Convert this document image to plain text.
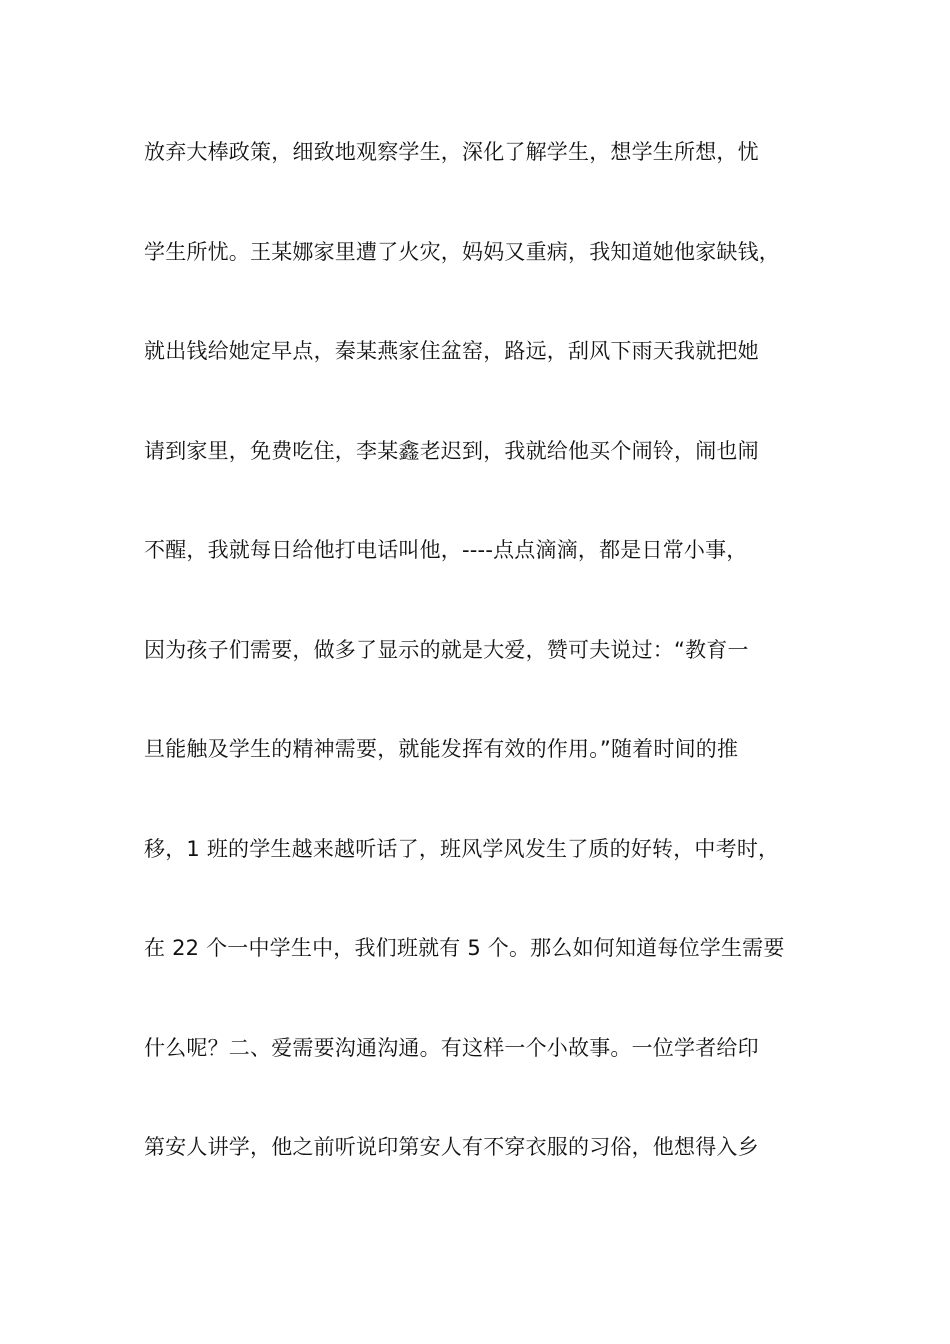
放弃大棒政策，细致地观察学生，深化了解学生，想学生所想，忧
学生所忧。王某娜家里遭了火灾，妈妈又重病，我知道她他家缺钱，
就出钱给她定早点，秦某燕家住盆窑，路远，刮风下雨天我就把她
请到家里，免费吃住，李某鑫老迟到，我就给他买个闹铃，闹也闹
不醒，我就每日给他打电话叫他，----点点滴滴，都是日常小事，
因为孩子们需要，做多了显示的就是大爱，赞可夫说过：“教育一
旦能触及学生的精神需要，就能发挥有效的作用。”随着时间的推
移，1 班的学生越来越听话了，班风学风发生了质的好转，中考时，
在 22 个一中学生中，我们班就有 5 个。那么如何知道每位学生需要
什么呢？二、爱需要沟通沟通。有这样一个小故事。一位学者给印
第安人讲学，他之前听说印第安人有不穿衣服的习俗，他想得入乡
